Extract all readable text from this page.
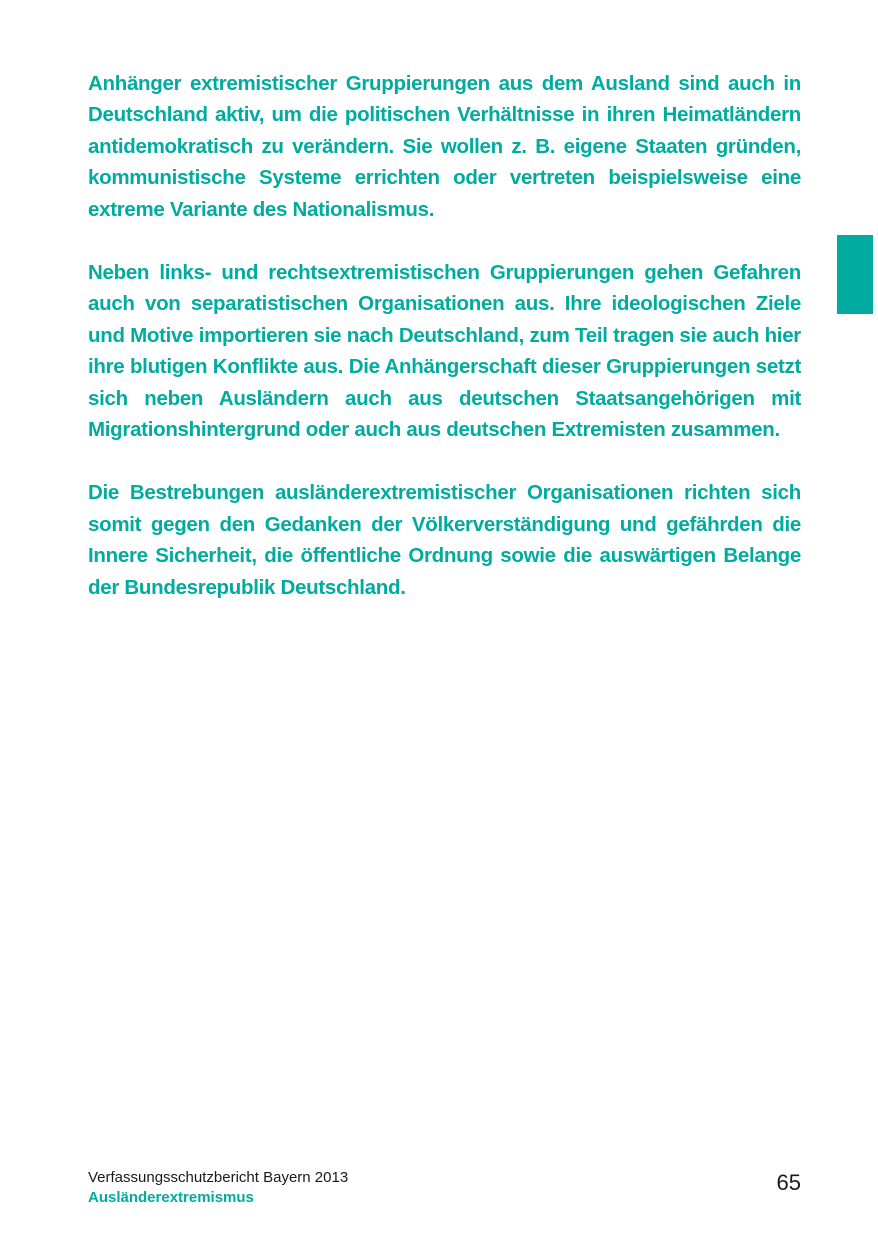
Anhänger extremistischer Gruppierungen aus dem Ausland sind auch in Deutschland aktiv, um die politischen Verhältnisse in ihren Heimatländern antidemokratisch zu verändern. Sie wollen z. B. eigene Staaten gründen, kommunistische Systeme errichten oder vertreten beispielsweise eine extreme Variante des Nationalismus.

Neben links- und rechtsextremistischen Gruppierungen gehen Gefahren auch von separatistischen Organisationen aus. Ihre ideologischen Ziele und Motive importieren sie nach Deutschland, zum Teil tragen sie auch hier ihre blutigen Konflikte aus. Die Anhängerschaft dieser Gruppierungen setzt sich neben Ausländern auch aus deutschen Staatsangehörigen mit Migrationshintergrund oder auch aus deutschen Extremisten zusammen.

Die Bestrebungen ausländerextremistischer Organisationen richten sich somit gegen den Gedanken der Völkerverständigung und gefährden die Innere Sicherheit, die öffentliche Ordnung sowie die auswärtigen Belange der Bundesrepublik Deutschland.

Verfassungsschutzbericht Bayern 2013
Ausländerextremismus
65
